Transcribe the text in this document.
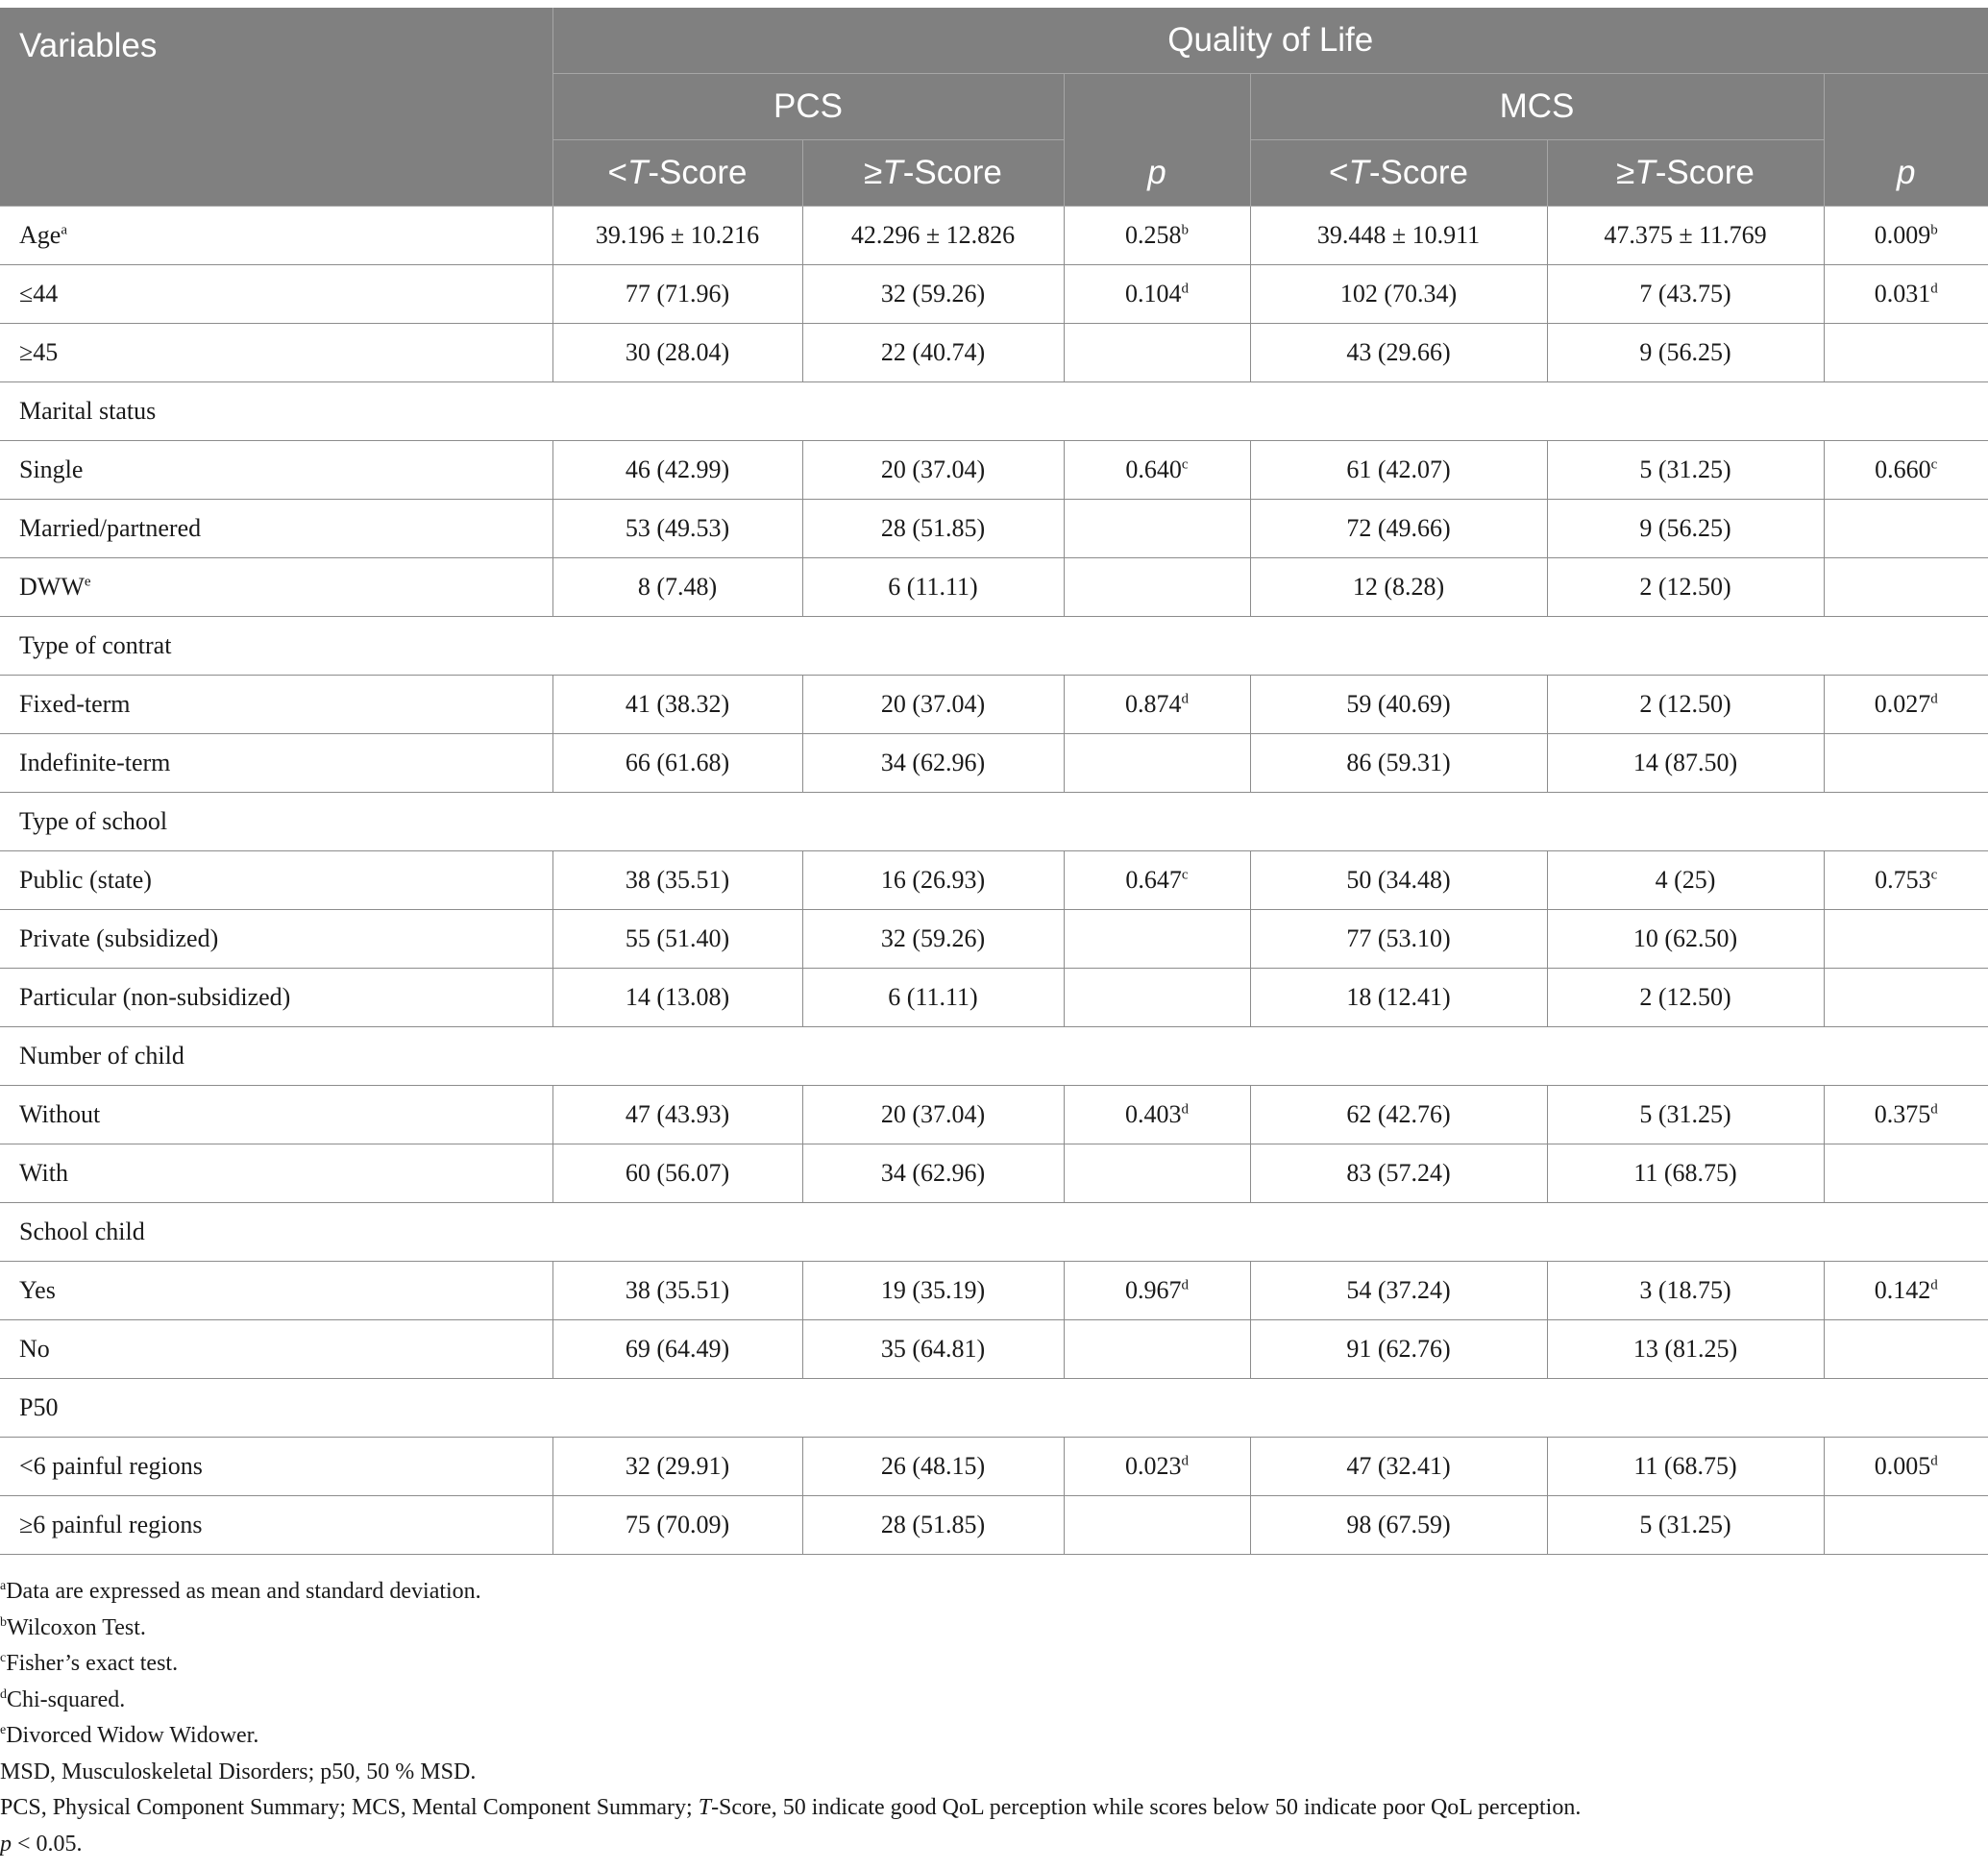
Variables	Quality of Life					
	PCS			MCS		
	<T-Score	≥T-Score	p	<T-Score	≥T-Score	p
Age$^a$	39.196 ± 10.216	42.296 ± 12.826	0.258$^b$	39.448 ± 10.911	47.375 ± 11.769	0.009$^b$
≤44	77 (71.96)	32 (59.26)	0.104$^d$	102 (70.34)	7 (43.75)	0.031$^d$
≥45	30 (28.04)	22 (40.74)		43 (29.66)	9 (56.25)	
Marital status						
Single	46 (42.99)	20 (37.04)	0.640$^c$	61 (42.07)	5 (31.25)	0.660$^c$
Married/partnered	53 (49.53)	28 (51.85)		72 (49.66)	9 (56.25)	
DWW$^e$	8 (7.48)	6 (11.11)		12 (8.28)	2 (12.50)	
Type of contrat						
Fixed-term	41 (38.32)	20 (37.04)	0.874$^d$	59 (40.69)	2 (12.50)	0.027$^d$
Indefinite-term	66 (61.68)	34 (62.96)		86 (59.31)	14 (87.50)	
Type of school						
Public (state)	38 (35.51)	16 (26.93)	0.647$^c$	50 (34.48)	4 (25)	0.753$^c$
Private (subsidized)	55 (51.40)	32 (59.26)		77 (53.10)	10 (62.50)	
Particular (non-subsidized)	14 (13.08)	6 (11.11)		18 (12.41)	2 (12.50)	
Number of child						
Without	47 (43.93)	20 (37.04)	0.403$^d$	62 (42.76)	5 (31.25)	0.375$^d$
With	60 (56.07)	34 (62.96)		83 (57.24)	11 (68.75)	
School child						
Yes	38 (35.51)	19 (35.19)	0.967$^d$	54 (37.24)	3 (18.75)	0.142$^d$
No	69 (64.49)	35 (64.81)		91 (62.76)	13 (81.25)	
P50						
<6 painful regions	32 (29.91)	26 (48.15)	0.023$^d$	47 (32.41)	11 (68.75)	0.005$^d$
≥6 painful regions	75 (70.09)	28 (51.85)		98 (67.59)	5 (31.25)	
$^a$Data are expressed as mean and standard deviation.
$^b$Wilcoxon Test.
$^c$Fisher’s exact test.
$^d$Chi-squared.
$^e$Divorced Widow Widower.
MSD, Musculoskeletal Disorders; p50, 50 % MSD.
PCS, Physical Component Summary; MCS, Mental Component Summary; T-Score, 50 indicate good QoL perception while scores below 50 indicate poor QoL perception.
p < 0.05.
